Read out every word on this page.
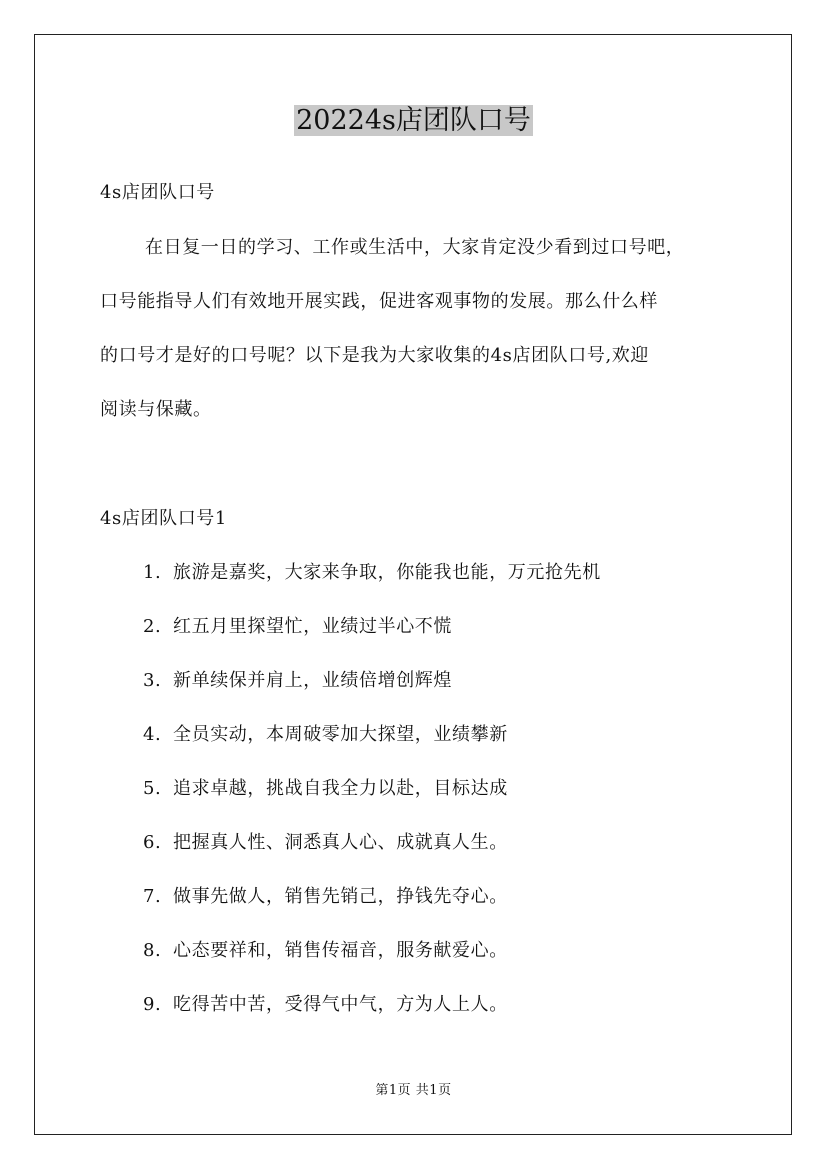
20224s店团队口号
4s店团队口号
在日复一日的学习、工作或生活中，大家肯定没少看到过口号吧，
口号能指导人们有效地开展实践，促进客观事物的发展。那么什么样
的口号才是好的口号呢？以下是我为大家收集的4s店团队口号,欢迎
阅读与保藏。
4s店团队口号1
1. 旅游是嘉奖，大家来争取，你能我也能，万元抢先机
2. 红五月里探望忙，业绩过半心不慌
3. 新单续保并肩上，业绩倍增创辉煌
4. 全员实动，本周破零加大探望，业绩攀新
5. 追求卓越，挑战自我全力以赴，目标达成
6. 把握真人性、洞悉真人心、成就真人生。
7. 做事先做人，销售先销己，挣钱先夺心。
8. 心态要祥和，销售传福音，服务献爱心。
9. 吃得苦中苦，受得气中气，方为人上人。
第1页 共1页
